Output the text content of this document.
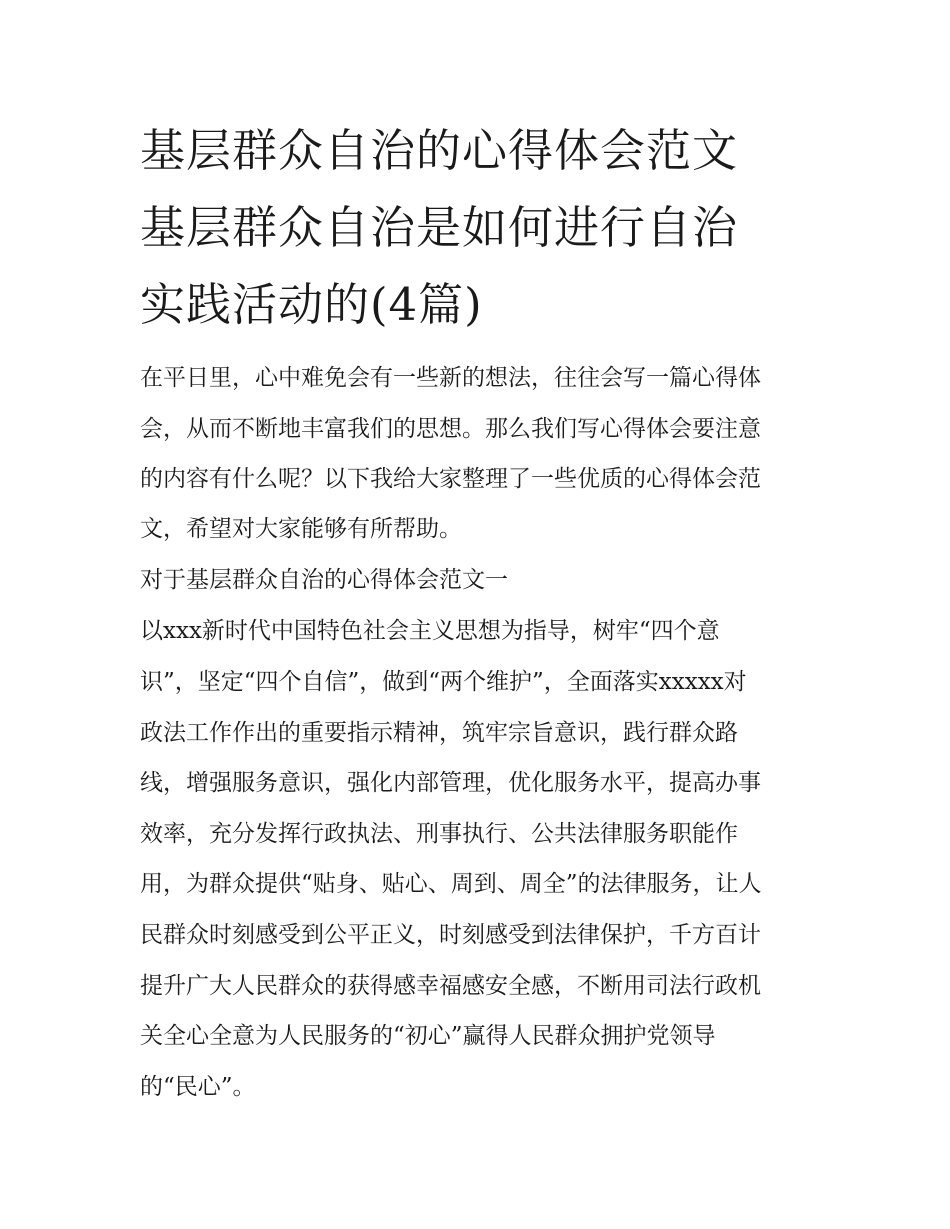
基层群众自治的心得体会范文
基层群众自治是如何进行自治
实践活动的(4篇)
在平日里，心中难免会有一些新的想法，往往会写一篇心得体
会，从而不断地丰富我们的思想。那么我们写心得体会要注意
的内容有什么呢？以下我给大家整理了一些优质的心得体会范
文，希望对大家能够有所帮助。
对于基层群众自治的心得体会范文一
以xxx新时代中国特色社会主义思想为指导，树牢“四个意
识”，坚定“四个自信”，做到“两个维护”，全面落实xxxxx对
政法工作作出的重要指示精神，筑牢宗旨意识，践行群众路
线，增强服务意识，强化内部管理，优化服务水平，提高办事
效率，充分发挥行政执法、刑事执行、公共法律服务职能作
用，为群众提供“贴身、贴心、周到、周全”的法律服务，让人
民群众时刻感受到公平正义，时刻感受到法律保护，千方百计
提升广大人民群众的获得感幸福感安全感，不断用司法行政机
关全心全意为人民服务的“初心”赢得人民群众拥护党领导
的“民心”。
